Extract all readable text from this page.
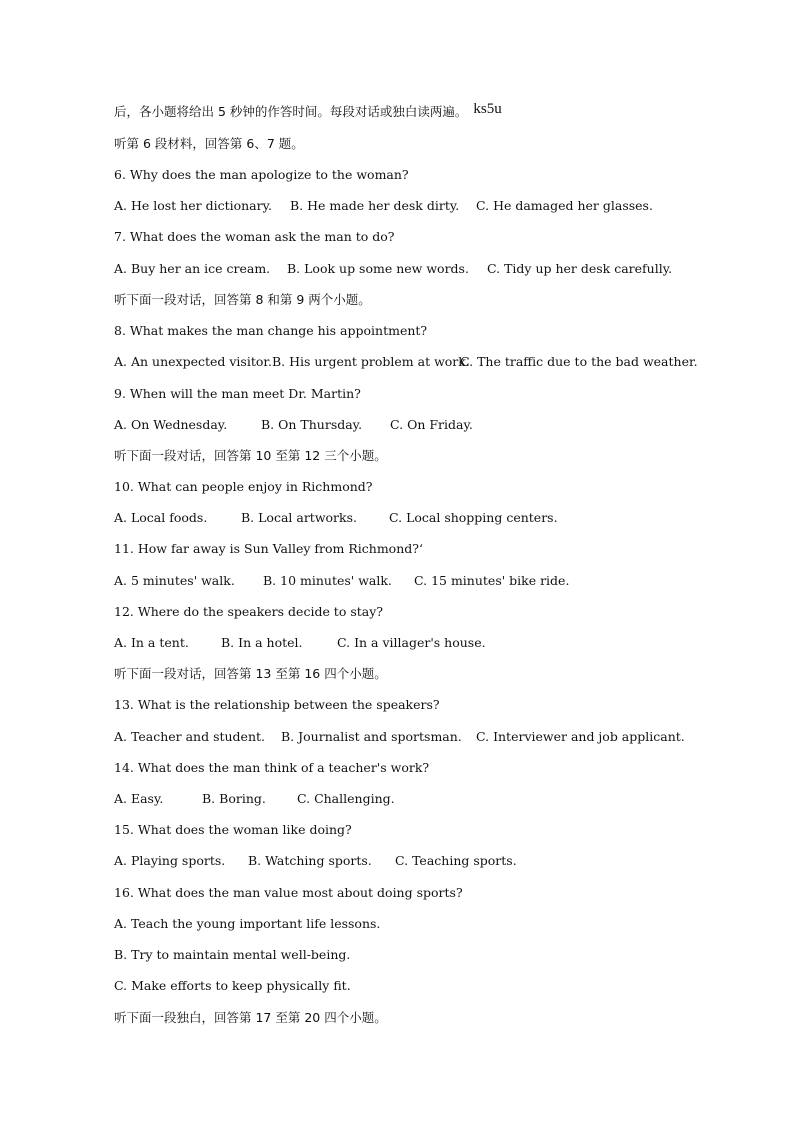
后，各小题将给出 5 秒钟的作答时间。每段对话或独白读两遍。 ks5u
听第 6 段材料，回答第 6、7 题。
6. Why does the man apologize to the woman?
A. He lost her dictionary. B. He made her desk dirty. C. He damaged her glasses.
7. What does the woman ask the man to do?
A. Buy her an ice cream. B. Look up some new words. C. Tidy up her desk carefully.
听下面一段对话，回答第 8 和第 9 两个小题。
8. What makes the man change his appointment?
A. An unexpected visitor. B. His urgent problem at work.
C. The traffic due to the bad weather.
9. When will the man meet Dr. Martin?
A. On Wednesday.	B. On Thursday. C. On Friday.
听下面一段对话，回答第 10 至第 12 三个小题。
10. What can people enjoy in Richmond?
A. Local foods.	B. Local artworks.	C. Local shopping centers.
11. How far away is Sun Valley from Richmond?‘
A. 5 minutes' walk. B. 10 minutes' walk. C. 15 minutes' bike ride.
12. Where do the speakers decide to stay?
A. In a tent.	B. In a hotel.	C. In a villager's house.
听下面一段对话，回答第 13 至第 16 四个小题。
13. What is the relationship between the speakers?
A. Teacher and student. B. Journalist and sportsman. C. Interviewer and job applicant.
14. What does the man think of a teacher's work?
A. Easy.	B. Boring. C. Challenging.
15. What does the woman like doing?
A. Playing sports. B. Watching sports. C. Teaching sports.
16. What does the man value most about doing sports?
A. Teach the young important life lessons.
B. Try to maintain mental well-being.
C. Make efforts to keep physically fit.
听下面一段独白，回答第 17 至第 20 四个小题。
